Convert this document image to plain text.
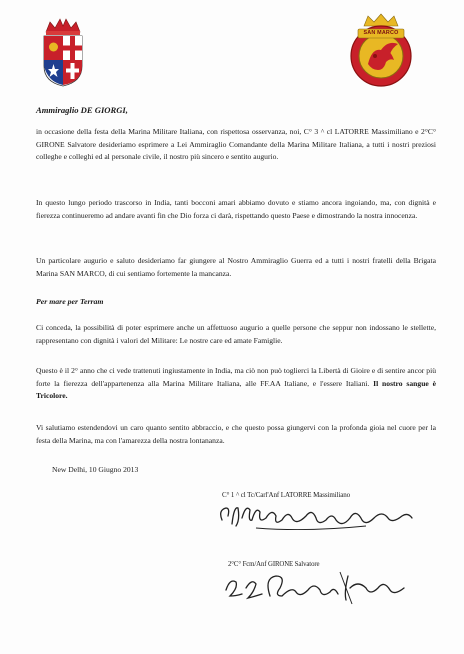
SAN MARCO
Ammiraglio DE GIORGI,

in occasione della festa della Marina Militare Italiana, con rispettosa osservanza, noi, C° 3 ^ cl LATORRE Massimiliano e 2°C° GIRONE Salvatore desideriamo esprimere a Lei Ammiraglio Comandante della Marina Militare Italiana, a tutti i nostri preziosi colleghe e colleghi ed al personale civile, il nostro più sincero e sentito augurio.

In questo lungo periodo trascorso in India, tanti bocconi amari abbiamo dovuto e stiamo ancora ingoiando, ma, con dignità e fierezza continueremo ad andare avanti fin che Dio forza ci darà, rispettando questo Paese e dimostrando la nostra innocenza.

Un particolare augurio e saluto desideriamo far giungere al Nostro Ammiraglio Guerra ed a tutti i nostri fratelli della Brigata Marina SAN MARCO, di cui sentiamo fortemente la mancanza.

Per mare per Terram

Ci conceda, la possibilità di poter esprimere anche un affettuoso augurio a quelle persone che seppur non indossano le stellette, rappresentano con dignità i valori del Militare: Le nostre care ed amate Famiglie.

Questo è il 2° anno che ci vede trattenuti ingiustamente in India, ma ciò non può toglierci la Libertà di Gioire e di sentire ancor più forte la fierezza dell'appartenenza alla Marina Militare Italiana, alle FF.AA Italiane, e l'essere Italiani. Il nostro sangue è Tricolore.

Vi salutiamo estendendovi un caro quanto sentito abbraccio, e che questo possa giungervi con la profonda gioia nel cuore per la festa della Marina, ma con l'amarezza della nostra lontananza.

New Delhi, 10 Giugno 2013
C° 1 ^ cl Tc/Carl'Anf LATORRE Massimiliano
2°C° Fcm/Anf GIRONE Salvatore
